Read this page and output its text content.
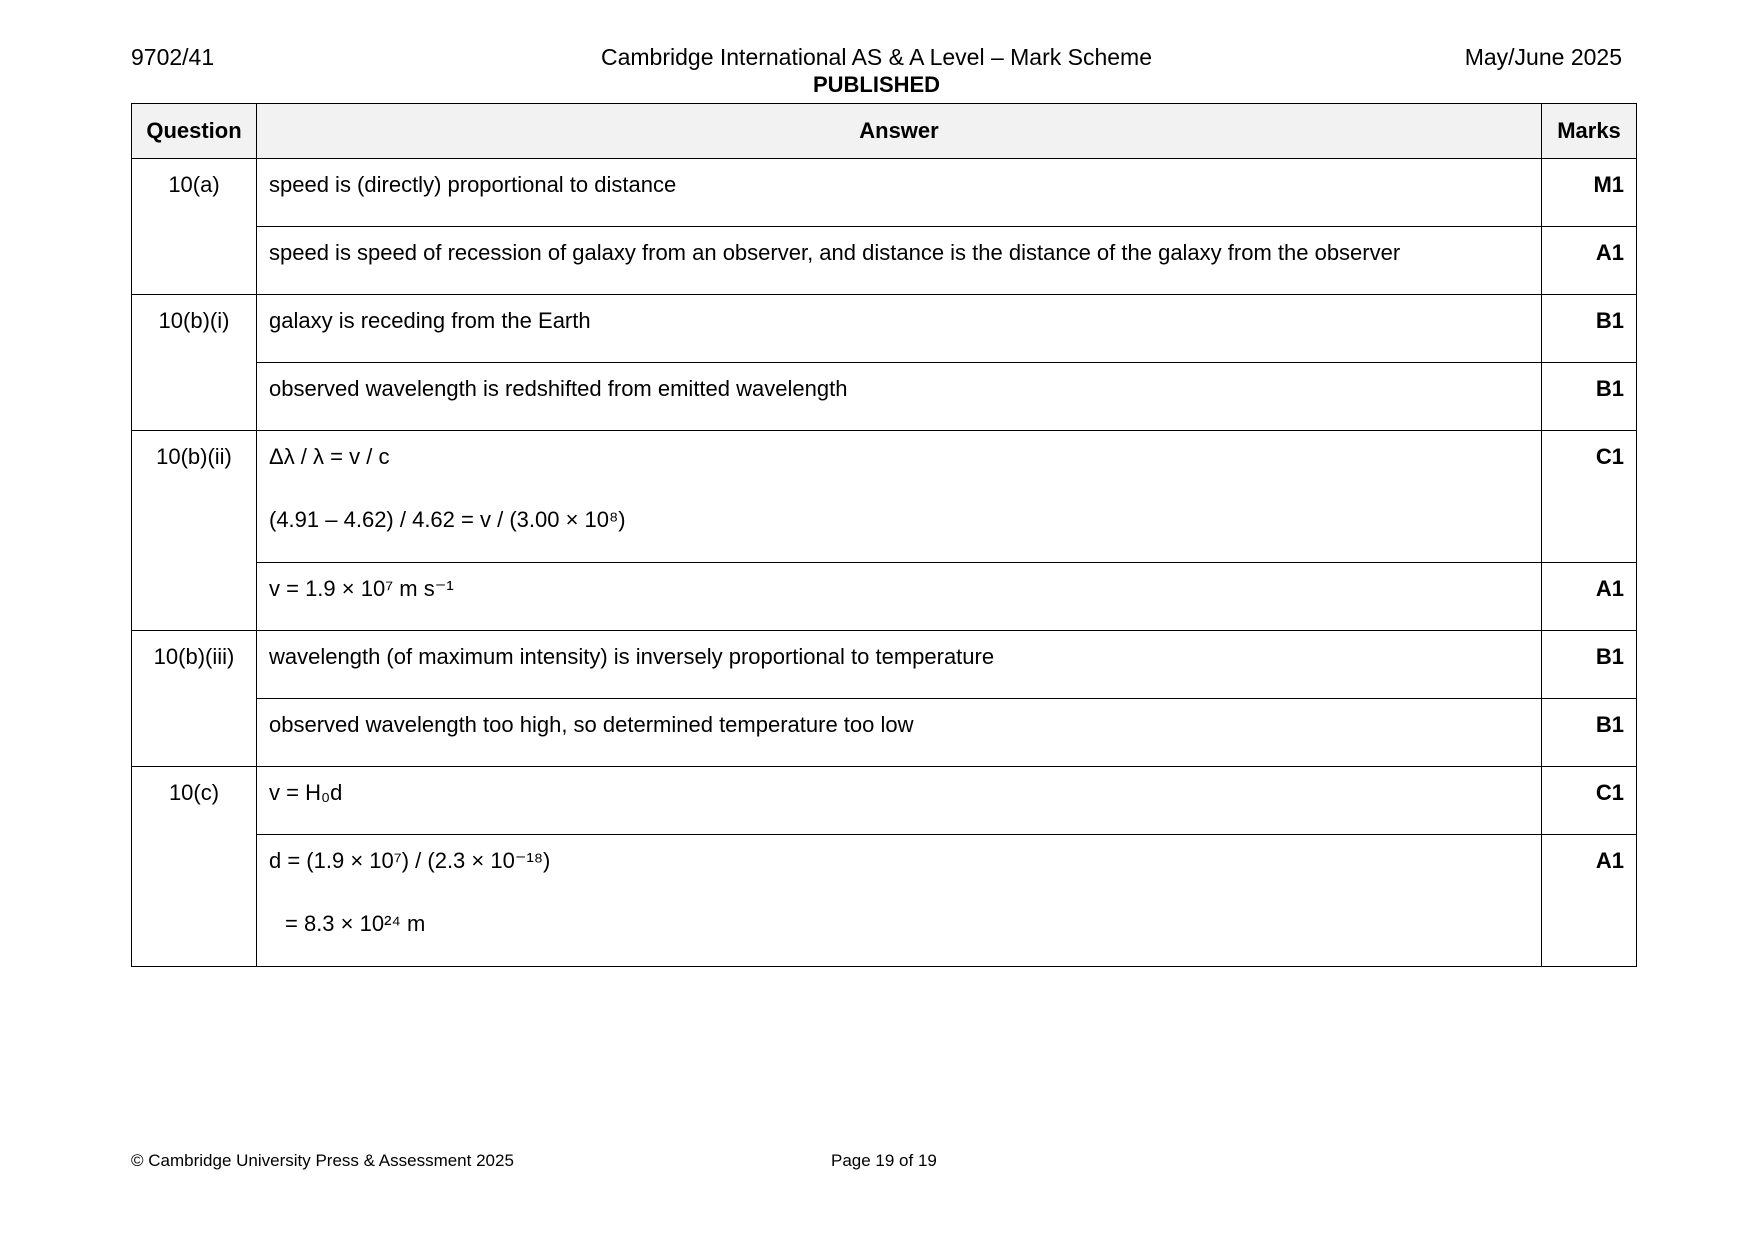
9702/41	Cambridge International AS & A Level – Mark Scheme
PUBLISHED
May/June 2025
Question	Answer	Marks
10(a)	speed is (directly) proportional to distance	M1
	speed is speed of recession of galaxy from an observer, and distance is the distance of the galaxy from the observer	A1
10(b)(i)	galaxy is receding from the Earth	B1
	observed wavelength is redshifted from emitted wavelength	B1
10(b)(ii)	Δλ / λ = v / c
(4.91 – 4.62) / 4.62 = v / (3.00 × 10⁸)	C1
	v = 1.9 × 10⁷ m s⁻¹	A1
10(b)(iii)	wavelength (of maximum intensity) is inversely proportional to temperature	B1
	observed wavelength too high, so determined temperature too low	B1
10(c)	v = H₀d	C1
	d = (1.9 × 10⁷) / (2.3 × 10⁻¹⁸)
= 8.3 × 10²⁴ m	A1
© Cambridge University Press & Assessment 2025	Page 19 of 19
